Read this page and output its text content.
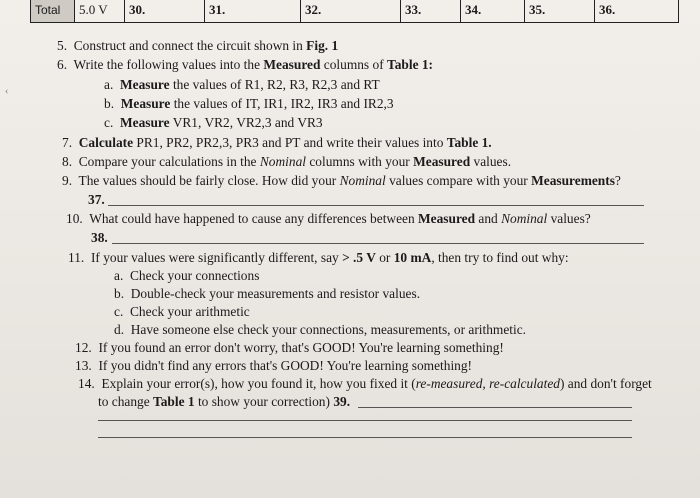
Total	5.0 V	30.	31.	32.	33.	34.	35.	36.
‹
5. Construct and connect the circuit shown in Fig. 1
6. Write the following values into the Measured columns of Table 1:
a. Measure the values of R1, R2, R3, R2,3 and RT
b. Measure the values of IT, IR1, IR2, IR3 and IR2,3
c. Measure VR1, VR2, VR2,3 and VR3
7. Calculate PR1, PR2, PR2,3, PR3 and PT and write their values into Table 1.
8. Compare your calculations in the Nominal columns with your Measured values.
9. The values should be fairly close. How did your Nominal values compare with your Measurements?
37.
10. What could have happened to cause any differences between Measured and Nominal values?
38.
11. If your values were significantly different, say > .5 V or 10 mA, then try to find out why:
a. Check your connections
b. Double-check your measurements and resistor values.
c. Check your arithmetic
d. Have someone else check your connections, measurements, or arithmetic.
12. If you found an error don't worry, that's GOOD! You're learning something!
13. If you didn't find any errors that's GOOD! You're learning something!
14. Explain your error(s), how you found it, how you fixed it (re-measured, re-calculated) and don't forget
to change Table 1 to show your correction) 39.
